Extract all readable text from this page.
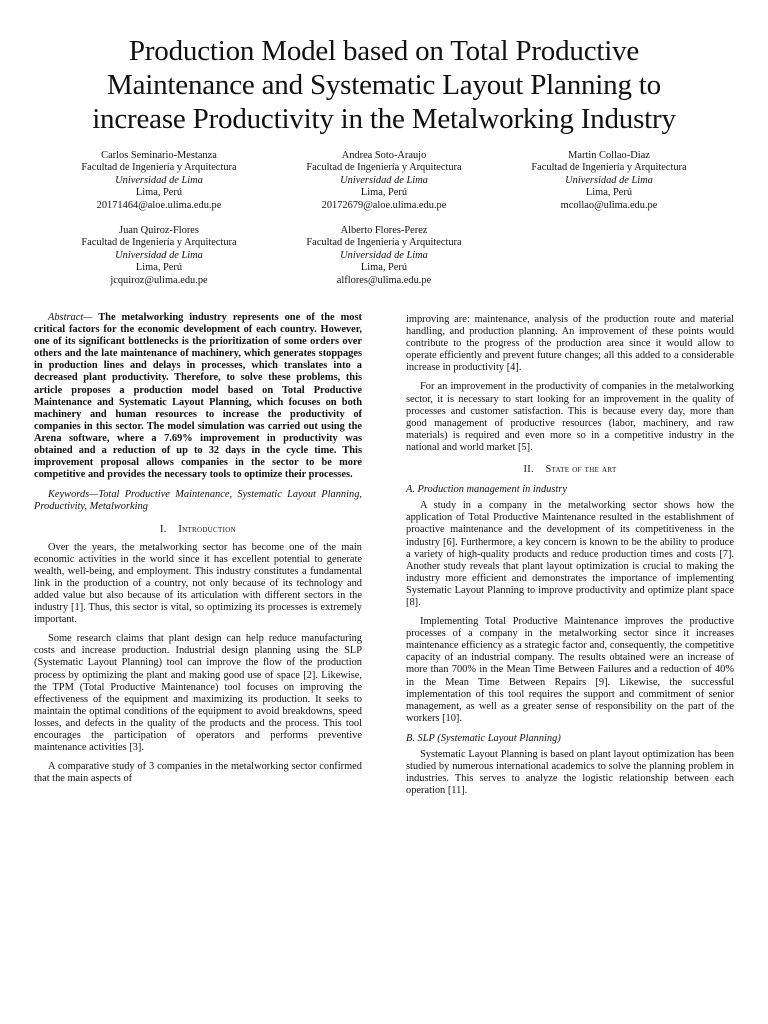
Production Model based on Total Productive
Maintenance and Systematic Layout Planning to
increase Productivity in the Metalworking Industry
Carlos Seminario-Mestanza
Facultad de Ingeniería y Arquitectura
Universidad de Lima
Lima, Perú
20171464@aloe.ulima.edu.pe
Andrea Soto-Araujo
Facultad de Ingeniería y Arquitectura
Universidad de Lima
Lima, Perú
20172679@aloe.ulima.edu.pe
Martin Collao-Diaz
Facultad de Ingeniería y Arquitectura
Universidad de Lima
Lima, Perú
mcollao@ulima.edu.pe
Juan Quiroz-Flores
Facultad de Ingeniería y Arquitectura
Universidad de Lima
Lima, Perú
jcquiroz@ulima.edu.pe
Alberto Flores-Perez
Facultad de Ingeniería y Arquitectura
Universidad de Lima
Lima, Perú
alflores@ulima.edu.pe

Abstract— The metalworking industry represents one of the most critical factors for the economic development of each country. However, one of its significant bottlenecks is the prioritization of some orders over others and the late maintenance of machinery, which generates stoppages in production lines and delays in processes, which translates into a decreased plant productivity. Therefore, to solve these problems, this article proposes a production model based on Total Productive Maintenance and Systematic Layout Planning, which focuses on both machinery and human resources to increase the productivity of companies in this sector. The model simulation was carried out using the Arena software, where a 7.69% improvement in productivity was obtained and a reduction of up to 32 days in the cycle time. This improvement proposal allows companies in the sector to be more competitive and provides the necessary tools to optimize their processes.

Keywords—Total Productive Maintenance, Systematic Layout Planning, Productivity, Metalworking

I. Introduction

Over the years, the metalworking sector has become one of the main economic activities in the world since it has excellent potential to generate wealth, well-being, and employment. This industry constitutes a fundamental link in the production of a country, not only because of its technology and added value but also because of its articulation with different sectors in the industry [1]. Thus, this sector is vital, so optimizing its processes is extremely important.

Some research claims that plant design can help reduce manufacturing costs and increase production. Industrial design planning using the SLP (Systematic Layout Planning) tool can improve the flow of the production process by optimizing the plant and making good use of space [2]. Likewise, the TPM (Total Productive Maintenance) tool focuses on improving the effectiveness of the equipment and maximizing its production. It seeks to maintain the optimal conditions of the equipment to avoid breakdowns, speed losses, and defects in the quality of the products and the process. This tool encourages the participation of operators and performs preventive maintenance activities [3].

A comparative study of 3 companies in the metalworking sector confirmed that the main aspects of

improving are: maintenance, analysis of the production route and material handling, and production planning. An improvement of these points would contribute to the progress of the production area since it would allow to operate efficiently and prevent future changes; all this added to a considerable increase in productivity [4].

For an improvement in the productivity of companies in the metalworking sector, it is necessary to start looking for an improvement in the quality of processes and customer satisfaction. This is because every day, more than good management of productive resources (labor, machinery, and raw materials) is required and even more so in a competitive industry in the national and world market [5].

II. State of the art
A. Production management in industry

A study in a company in the metalworking sector shows how the application of Total Productive Maintenance resulted in the establishment of proactive maintenance and the development of its competitiveness in the industry [6]. Furthermore, a key concern is known to be the ability to produce a variety of high-quality products and reduce production times and costs [7]. Another study reveals that plant layout optimization is crucial to making the industry more efficient and demonstrates the importance of implementing Systematic Layout Planning to improve productivity and optimize plant space [8].

Implementing Total Productive Maintenance improves the productive processes of a company in the metalworking sector since it increases maintenance efficiency as a strategic factor and, consequently, the competitive capacity of an industrial company. The results obtained were an increase of more than 700% in the Mean Time Between Failures and a reduction of 40% in the Mean Time Between Repairs [9]. Likewise, the successful implementation of this tool requires the support and commitment of senior management, as well as a greater sense of responsibility on the part of the workers [10].

B. SLP (Systematic Layout Planning)

Systematic Layout Planning is based on plant layout optimization has been studied by numerous international academics to solve the planning problem in industries. This serves to analyze the logistic relationship between each operation [11].
